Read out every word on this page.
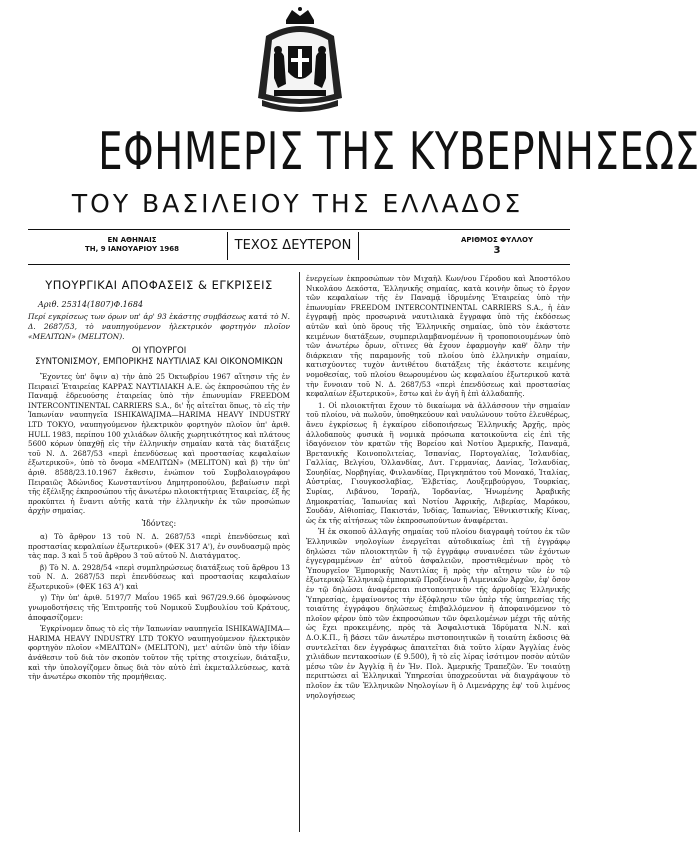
ΕΦΗΜΕΡΙΣ ΤΗΣ ΚΥΒΕΡΝΗΣΕΩΣ
ΤΟΥ ΒΑΣΙΛΕΙΟΥ ΤΗΣ ΕΛΛΑΔΟΣ
ΕΝ ΑΘΗΝΑΙΣ
ΤΗ, 9 ΙΑΝΟΥΑΡΙΟΥ 1968	ΤΕΧΟΣ ΔΕΥΤΕΡΟΝ	ΑΡΙΘΜΟΣ ΦΥΛΛΟΥ
3
ΥΠΟΥΡΓΙΚΑΙ ΑΠΟΦΑΣΕΙΣ & ΕΓΚΡΙΣΕΙΣ

Αριθ. 25314(1807)Φ.1684

Περί εγκρίσεως των όρων υπ' ἀρ' 93 ἐκάστης συμβάσεως κατά τὸ Ν. Δ. 2687/53, τὸ ναυπηγούμενον ἠλεκτρικὸν φορτηγὸν πλοῖον «ΜΕΛΙΤΩΝ» (MELITON).

ΟΙ ΥΠΟΥΡΓΟΙ

ΣΥΝΤΟΝΙΣΜΟΥ, ΕΜΠΟΡΙΚΗΣ ΝΑΥΤΙΛΙΑΣ ΚΑΙ ΟΙΚΟΝΟΜΙΚΩΝ

Ἔχοντες ὑπ' ὄψιν α) τὴν ἀπὸ 25 Ὀκτωβρίου 1967 αἴτησιν τῆς ἐν Πειραιεῖ Ἑταιρείας ΚΑΡΡΑΣ ΝΑΥΤΙΛΙΑΚΗ Α.Ε. ὡς ἐκπροσώπου τῆς ἐν Παναμᾷ ἐδρευούσης ἑταιρείας ὑπὸ τὴν ἐπωνυμίαν FREEDOM INTERCONTINENTAL CARRIERS S.A., δι' ἧς αἰτεῖται ὅπως, τὸ εἰς τὴν Ἰαπωνίαν ναυπηγεῖα ISHIKAWAJIMA—HARIMA HEAVY INDUSTRY LTD TOKYO, ναυπηγούμενον ἠλεκτρικὸν φορτηγὸν πλοῖον ὑπ' ἀριθ. HULL 1983, περίπου 100 χιλιάδων ὁλικῆς χωρητικότητος καὶ πλάτους 5600 κόρων ὑπαχθῇ εἰς τὴν ἑλληνικὴν σημαίαν κατὰ τὰς διατάξεις τοῦ Ν. Δ. 2687/53 «περὶ ἐπενδύσεως καὶ προστασίας κεφαλαίων ἐξωτερικοῦ», ὑπὸ τὸ ὄνομα «ΜΕΛΙΤΩΝ» (MELITON) καὶ β) τὴν ὑπ' ἀριθ. 8588/23.10.1967 ἔκθεσιν, ἐνώπιον τοῦ Συμβολαιογράφου Πειραιῶς Ἀδώνιδος Κωνσταντίνου Δημητροπούλου, βεβαίωσιν περὶ τῆς ἐξέλιξης ἐκπροσώπου τῆς ἀνωτέρω πλοιοκτήτριας Ἑταιρείας, ἐξ ἧς προκύπτει ἡ ἔναντι αὐτῆς κατὰ τὴν ἑλληνικὴν ἐκ τῶν προσώπων ἀρχὴν σημαίας.

Ἰδόντες:

α) Τὸ ἄρθρον 13 τοῦ Ν. Δ. 2687/53 «περὶ ἐπενδύσεως καὶ προστασίας κεφαλαίων ἐξωτερικοῦ» (ΦΕΚ 317 Α'), ἐν συνδυασμῷ πρὸς τὰς παρ. 3 καὶ 5 τοῦ ἄρθρου 3 τοῦ αὐτοῦ Ν. Διατάγματος.

β) Τὸ Ν. Δ. 2928/54 «περὶ συμπληρώσεως διατάξεως τοῦ ἄρθρου 13 τοῦ Ν. Δ. 2687/53 περὶ ἐπενδύσεως καὶ προστασίας κεφαλαίων ἐξωτερικοῦ» (ΦΕΚ 163 Α') καὶ

γ) Τὴν ὑπ' ἀριθ. 5197/7 Μαΐου 1965 καὶ 967/29.9.66 ὁμοφώνους γνωμοδοτήσεις τῆς Ἐπιτροπῆς τοῦ Νομικοῦ Συμβουλίου τοῦ Κράτους, ἀποφασίζομεν:

Ἐγκρίνομεν ὅπως τὸ εἰς τὴν Ἰαπωνίαν ναυπηγεῖα ISHIKAWAJIMA—HARIMA HEAVY INDUSTRY LTD TOKYO ναυπηγούμενον ἠλεκτρικὸν φορτηγὸν πλοῖον «ΜΕΛΙΤΩΝ» (MELITON), μετ' αὐτῶν ὑπὸ τὴν ἰδίαν ἀνάθεσιν τοῦ διὰ τὸν σκοπὸν τοῦτον τῆς τρίτης στοιχείων, διάταξιν, καὶ τὴν ὑπολογίζομεν ὅπως διὰ τὸν αὐτὸ ἐπὶ ἐκμεταλλεύσεως, κατὰ τὴν ἀνωτέρω σκοπὸν τῆς προμήθειας.

ἐνεργείων ἐκπροσώπων τὸν Μιχαὴλ Κων/νου Γέροδου καὶ Ἀποστόλου Νικολάου Δεκόστα, Ἑλληνικῆς σημαίας, κατὰ κοινὴν ὅπως τὸ ἔργον τῶν κεφαλαίων τῆς ἐν Παναμᾷ ἰδρυμένης Ἑταιρείας ὑπὸ τὴν ἐπωνυμίαν FREEDOM INTERCONTINENTAL CARRIERS S.A., ἡ ἐὰν ἐγγραφῇ πρὸς προσωρινὰ ναυτιλιακὰ ἔγγραφα ὑπὸ τῆς ἐκδόσεως αὐτῶν καὶ ὑπὸ ὅρους τῆς Ἑλληνικῆς σημαίας, ὑπὸ τὸν ἑκάστοτε κειμένων διατάξεων, συμπεριλαμβανομένων ἢ τροποποιουμένων ὑπὸ τῶν ἀνωτέρω ὅρων, οἵτινες θὰ ἔχουν ἐφαρμογὴν καθ' ὅλην τὴν διάρκειαν τῆς παραμονῆς τοῦ πλοίου ὑπὸ ἑλληνικὴν σημαίαν, κατισχύοντες τυχὸν ἀντιθέτου διατάξεις τῆς ἑκάστοτε κειμένης νομοθεσίας, τοῦ πλοίου θεωρουμένου ὡς κεφαλαίου ἐξωτερικοῦ κατὰ τὴν ἔννοιαν τοῦ Ν. Δ. 2687/53 «περὶ ἐπενδύσεως καὶ προστασίας κεφαλαίων ἐξωτερικοῦ», ἔστω καὶ ἐν ἀγῆ ἢ ἐπὶ ἀλλαδαπῆς.

1. Οἱ πλοιοκτῆται ἔχουν τὸ δικαίωμα νὰ ἀλλάσσουν τὴν σημαίαν τοῦ πλοίου, νὰ πωλοῦν, ὑποθηκεύουν καὶ ναυλώνουν τοῦτο ἐλευθέρως, ἄνευ ἐγκρίσεως ἢ ἐγκαίρου εἰδοποιήσεως Ἑλληνικῆς Ἀρχῆς, πρὸς ἀλλοδαποὺς φυσικὰ ἢ νομικὰ πρόσωπα κατοικοῦντα εἰς ἐπὶ τῆς ἰδαγόνειον τὸν κρατῶν τῆς Βορείου καὶ Νοτίου Ἀμερικῆς, Παναμᾶ, Βρετανικῆς Κοινοπολιτείας, Ἰσπανίας, Πορτογαλίας, Ἰσλανδίας, Γαλλίας, Βελγίου, Ὁλλανδίας, Δυτ. Γερμανίας, Δανίας, Ἰσλανδίας, Σουηδίας, Νορβηγίας, Φινλανδίας, Πριγκηπάτου τοῦ Μονακό, Ἰταλίας, Αὐστρίας, Γιουγκοσλαβίας, Ἑλβετίας, Λουξεμβούργου, Τουρκίας, Συρίας, Λιβάνου, Ἰσραήλ, Ἰορδανίας, Ἡνωμένης Ἀραβικῆς Δημοκρατίας, Ἰαπωνίας καὶ Νοτίου Ἀφρικῆς, Λιβερίας, Μαρόκου, Σουδάν, Αἰθιοπίας, Πακιστάν, Ἰνδίας, Ἰαπωνίας, Ἐθνικιστικῆς Κίνας, ὡς ἐκ τῆς αἰτήσεως τῶν ἐκπροσωπούντων ἀναφέρεται.

Ἡ ἐκ σκοποῦ ἀλλαγῆς σημαίας τοῦ πλοίου διαγραφὴ τούτου ἐκ τῶν Ἑλληνικῶν νηολογίων ἐνεργεῖται αὐτοδικαίως ἐπὶ τῇ ἐγγράφῳ δηλώσει τῶν πλοιοκτητῶν ἢ τῷ ἐγγράφῳ συναινέσει τῶν ἐχόντων ἐγγεγραμμένων ἐπ' αὐτοῦ ἀσφαλειῶν, προστιθεμένων πρὸς τὸ Ὑπουργεῖον Ἐμπορικῆς Ναυτιλίας ἢ πρὸς τὴν αἴτησιν τῶν ἐν τῷ ἐξωτερικῷ Ἑλληνικῷ ἐμπορικῷ Προξένων ἢ Λιμενικῶν Ἀρχῶν, ἐφ' ὅσον ἐν τῷ δηλώσει ἀναφέρεται πιστοποιητικὸν τῆς ἁρμοδίας Ἑλληνικῆς Ὑπηρεσίας, ἐμφαίνοντος τὴν ἐξόφλησιν τῶν ὑπὲρ τῆς ὑπηρεσίας τῆς τοιαύτης ἐγγράφου δηλώσεως ἐπιβαλλόμενον ἢ ἀποφαινόμενον τὸ πλοῖον φέρον ὑπὸ τῶν ἐκπροσώπων τῶν ὀφειλομένων μέχρι τῆς αὐτῆς ὡς ἔχει προκειμένης, πρὸς τὰ Ἀσφαλιστικὰ Ἱδρύματα Ν.Ν. καὶ Δ.Ο.Κ.Π., ἢ βάσει τῶν ἀνωτέρω πιστοποιητικῶν ἢ τοιαύτη ἐκδοσις θὰ συντελεῖται δεν ἐγγράφως ἀπαιτεῖται διὰ τοῦτο λίραν Ἀγγλίας ἑνὸς χιλιάδων πεντακοσίων (£ 9.500), ἢ τὸ εἰς λίρας ἰσότιμον ποσὸν αὐτῶν μέσω τῶν ἐν Ἀγγλίᾳ ἢ ἐν Ἡν. Πολ. Ἀμερικῆς Τραπεζῶν. Ἐν τοιαύτῃ περιπτώσει αἱ Ἑλληνικαὶ Ὑπηρεσίαι ὑποχρεοῦνται νὰ διαγράψουν τὸ πλοῖον ἐκ τῶν Ἑλληνικῶν Νηολογίων ἢ ὁ Λιμενάρχης ἐφ' τοῦ λιμένος νηολογήσεως
